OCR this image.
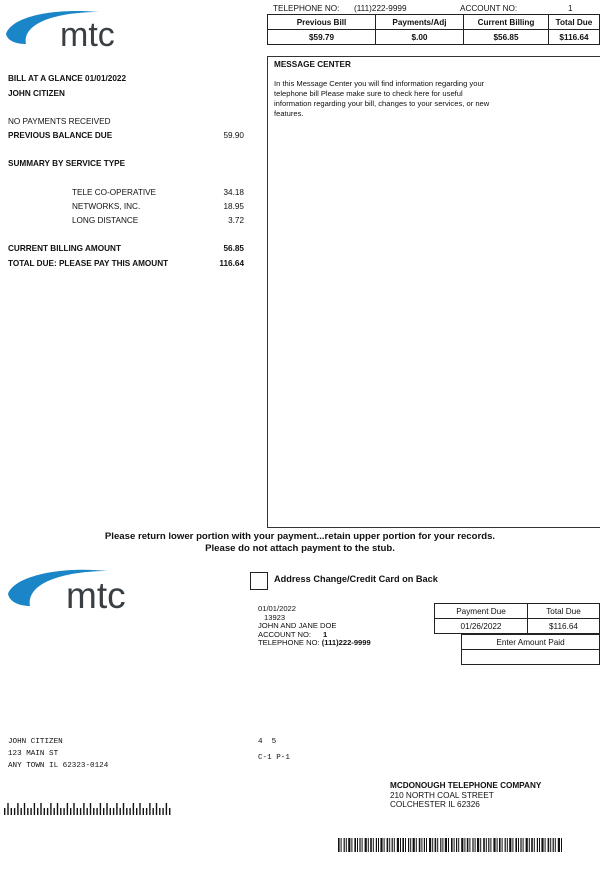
mtc
TELEPHONE NO: (111)222-9999	ACCOUNT NO:	1
Previous Bill	Payments/Adj	Current Billing	Total Due
$59.79	$.00	$56.85	$116.64
BILL AT A GLANCE 01/01/2022
JOHN CITIZEN
NO PAYMENTS RECEIVED
PREVIOUS BALANCE DUE	59.90
SUMMARY BY SERVICE TYPE
TELE CO-OPERATIVE	34.18
NETWORKS, INC.	18.95
LONG DISTANCE	3.72
CURRENT BILLING AMOUNT	56.85
TOTAL DUE: PLEASE PAY THIS AMOUNT	116.64
MESSAGE CENTER
In this Message Center you will find information regarding your
telephone bill Please make sure to check here for useful
information regarding your bill, changes to your services, or new
features.
Please return lower portion with your payment...retain upper portion for your records.
Please do not attach payment to the stub.
mtc	Address Change/Credit Card on Back
01/01/2022
13923
JOHN AND JANE DOE
ACCOUNT NO: 1
TELEPHONE NO: (111)222-9999
Payment Due	Total Due
01/26/2022	$116.64
Enter Amount Paid

JOHN CITIZEN
123 MAIN ST
ANY TOWN IL 62323-0124
4  5
C-1 P-1
MCDONOUGH TELEPHONE COMPANY
210 NORTH COAL STREET
COLCHESTER IL 62326
